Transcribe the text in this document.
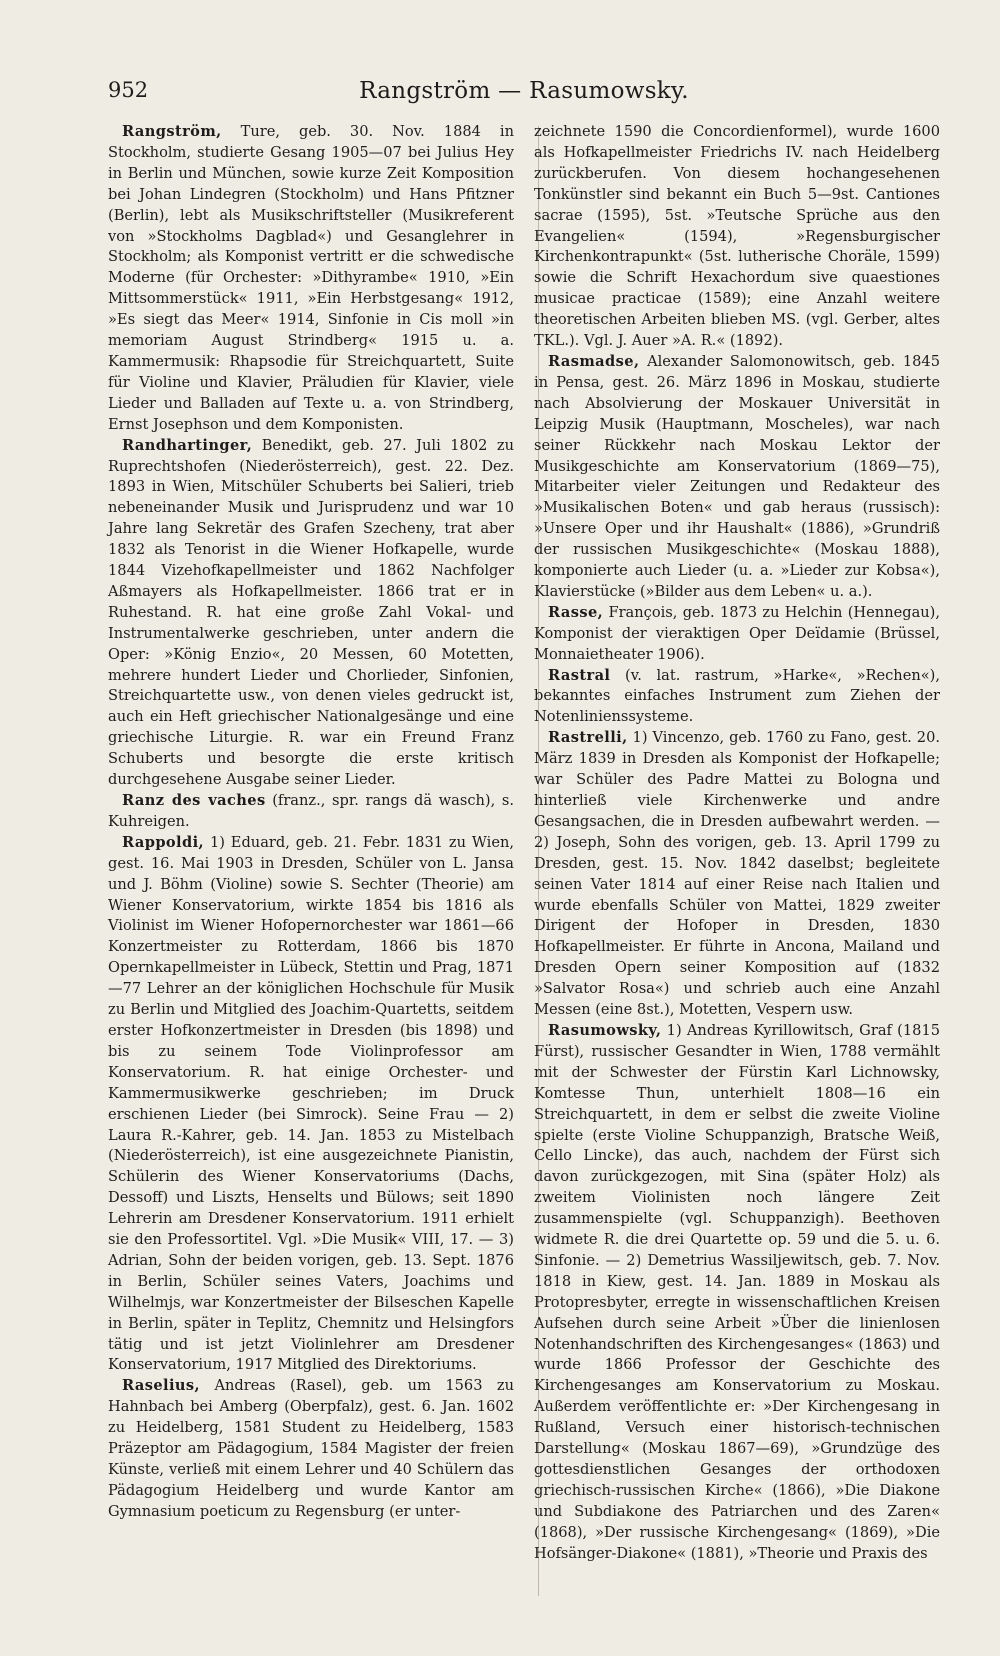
952	Rangström — Rasumowsky.

Rangström, Ture, geb. 30. Nov. 1884 in Stockholm, studierte Gesang 1905—07 bei Julius Hey in Berlin und München, sowie kurze Zeit Komposition bei Johan Lindegren (Stockholm) und Hans Pfitzner (Berlin), lebt als Musikschriftsteller (Musikreferent von »Stockholms Dagblad«) und Gesanglehrer in Stockholm; als Komponist vertritt er die schwedische Moderne (für Orchester: »Dithyrambe« 1910, »Ein Mittsommerstück« 1911, »Ein Herbstgesang« 1912, »Es siegt das Meer« 1914, Sinfonie in Cis moll »in memoriam August Strindberg« 1915 u. a. Kammermusik: Rhapsodie für Streichquartett, Suite für Violine und Klavier, Präludien für Klavier, viele Lieder und Balladen auf Texte u. a. von Strindberg, Ernst Josephson und dem Komponisten.

Randhartinger, Benedikt, geb. 27. Juli 1802 zu Ruprechtshofen (Niederösterreich), gest. 22. Dez. 1893 in Wien, Mitschüler Schuberts bei Salieri, trieb nebeneinander Musik und Jurisprudenz und war 10 Jahre lang Sekretär des Grafen Szecheny, trat aber 1832 als Tenorist in die Wiener Hofkapelle, wurde 1844 Vizehofkapellmeister und 1862 Nachfolger Aßmayers als Hofkapellmeister. 1866 trat er in Ruhestand. R. hat eine große Zahl Vokal- und Instrumentalwerke geschrieben, unter andern die Oper: »König Enzio«, 20 Messen, 60 Motetten, mehrere hundert Lieder und Chorlieder, Sinfonien, Streichquartette usw., von denen vieles gedruckt ist, auch ein Heft griechischer Nationalgesänge und eine griechische Liturgie. R. war ein Freund Franz Schuberts und besorgte die erste kritisch durchgesehene Ausgabe seiner Lieder.

Ranz des vaches (franz., spr. rangs dä wasch), s. Kuhreigen.

Rappoldi, 1) Eduard, geb. 21. Febr. 1831 zu Wien, gest. 16. Mai 1903 in Dresden, Schüler von L. Jansa und J. Böhm (Violine) sowie S. Sechter (Theorie) am Wiener Konservatorium, wirkte 1854 bis 1816 als Violinist im Wiener Hofopernorchester war 1861—66 Konzertmeister zu Rotterdam, 1866 bis 1870 Opernkapellmeister in Lübeck, Stettin und Prag, 1871—77 Lehrer an der königlichen Hochschule für Musik zu Berlin und Mitglied des Joachim-Quartetts, seitdem erster Hofkonzertmeister in Dresden (bis 1898) und bis zu seinem Tode Violinprofessor am Konservatorium. R. hat einige Orchester- und Kammermusikwerke geschrieben; im Druck erschienen Lieder (bei Simrock). Seine Frau — 2) Laura R.-Kahrer, geb. 14. Jan. 1853 zu Mistelbach (Niederösterreich), ist eine ausgezeichnete Pianistin, Schülerin des Wiener Konservatoriums (Dachs, Dessoff) und Liszts, Henselts und Bülows; seit 1890 Lehrerin am Dresdener Konservatorium. 1911 erhielt sie den Professortitel. Vgl. »Die Musik« VIII, 17. — 3) Adrian, Sohn der beiden vorigen, geb. 13. Sept. 1876 in Berlin, Schüler seines Vaters, Joachims und Wilhelmjs, war Konzertmeister der Bilseschen Kapelle in Berlin, später in Teplitz, Chemnitz und Helsingfors tätig und ist jetzt Violinlehrer am Dresdener Konservatorium, 1917 Mitglied des Direktoriums.

Raselius, Andreas (Rasel), geb. um 1563 zu Hahnbach bei Amberg (Oberpfalz), gest. 6. Jan. 1602 zu Heidelberg, 1581 Student zu Heidelberg, 1583 Präzeptor am Pädagogium, 1584 Magister der freien Künste, verließ mit einem Lehrer und 40 Schülern das Pädagogium Heidelberg und wurde Kantor am Gymnasium poeticum zu Regensburg (er unter-

zeichnete 1590 die Concordienformel), wurde 1600 als Hofkapellmeister Friedrichs IV. nach Heidelberg zurückberufen. Von diesem hochangesehenen Tonkünstler sind bekannt ein Buch 5—9st. Cantiones sacrae (1595), 5st. »Teutsche Sprüche aus den Evangelien« (1594), »Regensburgischer Kirchenkontrapunkt« (5st. lutherische Choräle, 1599) sowie die Schrift Hexachordum sive quaestiones musicae practicae (1589); eine Anzahl weitere theoretischen Arbeiten blieben MS. (vgl. Gerber, altes TKL.). Vgl. J. Auer »A. R.« (1892).

Rasmadse, Alexander Salomonowitsch, geb. 1845 in Pensa, gest. 26. März 1896 in Moskau, studierte nach Absolvierung der Moskauer Universität in Leipzig Musik (Hauptmann, Moscheles), war nach seiner Rückkehr nach Moskau Lektor der Musikgeschichte am Konservatorium (1869—75), Mitarbeiter vieler Zeitungen und Redakteur des »Musikalischen Boten« und gab heraus (russisch): »Unsere Oper und ihr Haushalt« (1886), »Grundriß der russischen Musikgeschichte« (Moskau 1888), komponierte auch Lieder (u. a. »Lieder zur Kobsa«), Klavierstücke (»Bilder aus dem Leben« u. a.).

Rasse, François, geb. 1873 zu Helchin (Hennegau), Komponist der vieraktigen Oper Deïdamie (Brüssel, Monnaietheater 1906).

Rastral (v. lat. rastrum, »Harke«, »Rechen«), bekanntes einfaches Instrument zum Ziehen der Notenlinienssysteme.

Rastrelli, 1) Vincenzo, geb. 1760 zu Fano, gest. 20. März 1839 in Dresden als Komponist der Hofkapelle; war Schüler des Padre Mattei zu Bologna und hinterließ viele Kirchenwerke und andre Gesangsachen, die in Dresden aufbewahrt werden. — 2) Joseph, Sohn des vorigen, geb. 13. April 1799 zu Dresden, gest. 15. Nov. 1842 daselbst; begleitete seinen Vater 1814 auf einer Reise nach Italien und wurde ebenfalls Schüler von Mattei, 1829 zweiter Dirigent der Hofoper in Dresden, 1830 Hofkapellmeister. Er führte in Ancona, Mailand und Dresden Opern seiner Komposition auf (1832 »Salvator Rosa«) und schrieb auch eine Anzahl Messen (eine 8st.), Motetten, Vespern usw.

Rasumowsky, 1) Andreas Kyrillowitsch, Graf (1815 Fürst), russischer Gesandter in Wien, 1788 vermählt mit der Schwester der Fürstin Karl Lichnowsky, Komtesse Thun, unterhielt 1808—16 ein Streichquartett, in dem er selbst die zweite Violine spielte (erste Violine Schuppanzigh, Bratsche Weiß, Cello Lincke), das auch, nachdem der Fürst sich davon zurückgezogen, mit Sina (später Holz) als zweitem Violinisten noch längere Zeit zusammenspielte (vgl. Schuppanzigh). Beethoven widmete R. die drei Quartette op. 59 und die 5. u. 6. Sinfonie. — 2) Demetrius Wassiljewitsch, geb. 7. Nov. 1818 in Kiew, gest. 14. Jan. 1889 in Moskau als Protopresbyter, erregte in wissenschaftlichen Kreisen Aufsehen durch seine Arbeit »Über die linienlosen Notenhandschriften des Kirchengesanges« (1863) und wurde 1866 Professor der Geschichte des Kirchengesanges am Konservatorium zu Moskau. Außerdem veröffentlichte er: »Der Kirchengesang in Rußland, Versuch einer historisch-technischen Darstellung« (Moskau 1867—69), »Grundzüge des gottesdienstlichen Gesanges der orthodoxen griechisch-russischen Kirche« (1866), »Die Diakone und Subdiakone des Patriarchen und des Zaren« (1868), »Der russische Kirchengesang« (1869), »Die Hofsänger-Diakone« (1881), »Theorie und Praxis des
